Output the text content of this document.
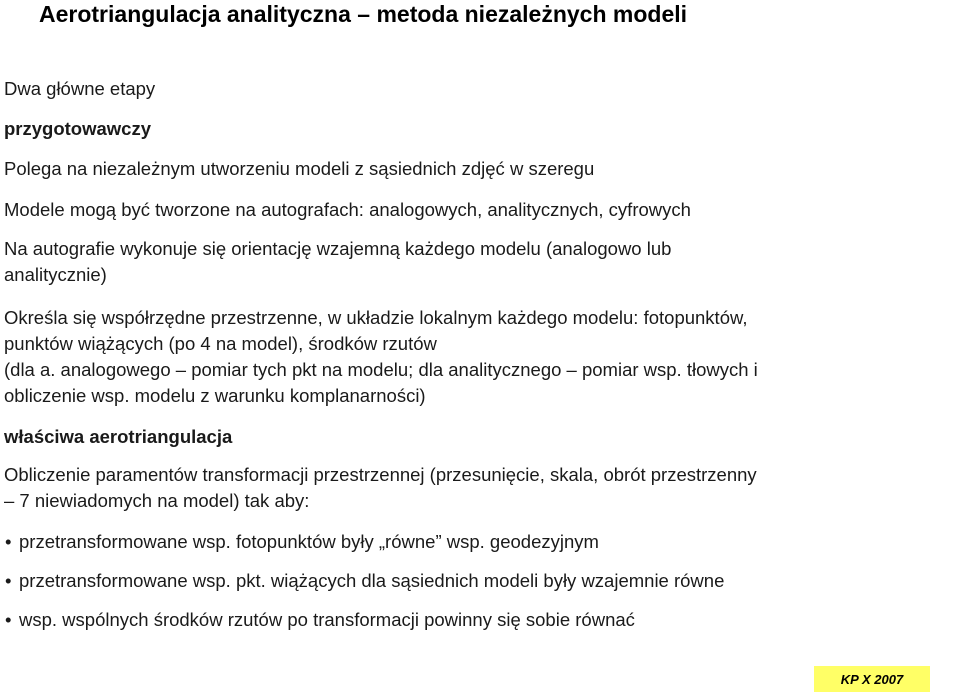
Aerotriangulacja analityczna – metoda niezależnych modeli
Dwa główne etapy
przygotowawczy
Polega na niezależnym utworzeniu modeli z sąsiednich zdjęć w szeregu
Modele mogą być tworzone na autografach: analogowych, analitycznych, cyfrowych
Na autografie wykonuje się orientację wzajemną każdego modelu (analogowo lub
analitycznie)
Określa się współrzędne przestrzenne, w układzie lokalnym każdego modelu: fotopunktów,
punktów wiążących (po 4 na model), środków rzutów
(dla a. analogowego – pomiar tych pkt na modelu; dla analitycznego – pomiar wsp. tłowych i
obliczenie wsp. modelu z warunku komplanarności)
właściwa aerotriangulacja
Obliczenie paramentów transformacji przestrzennej (przesunięcie, skala, obrót przestrzenny
– 7 niewiadomych na model) tak aby:
• przetransformowane wsp. fotopunktów były „równe” wsp. geodezyjnym
• przetransformowane wsp. pkt. wiążących dla sąsiednich modeli były wzajemnie równe
• wsp. wspólnych środków rzutów po transformacji powinny się sobie równać
KP X 2007
